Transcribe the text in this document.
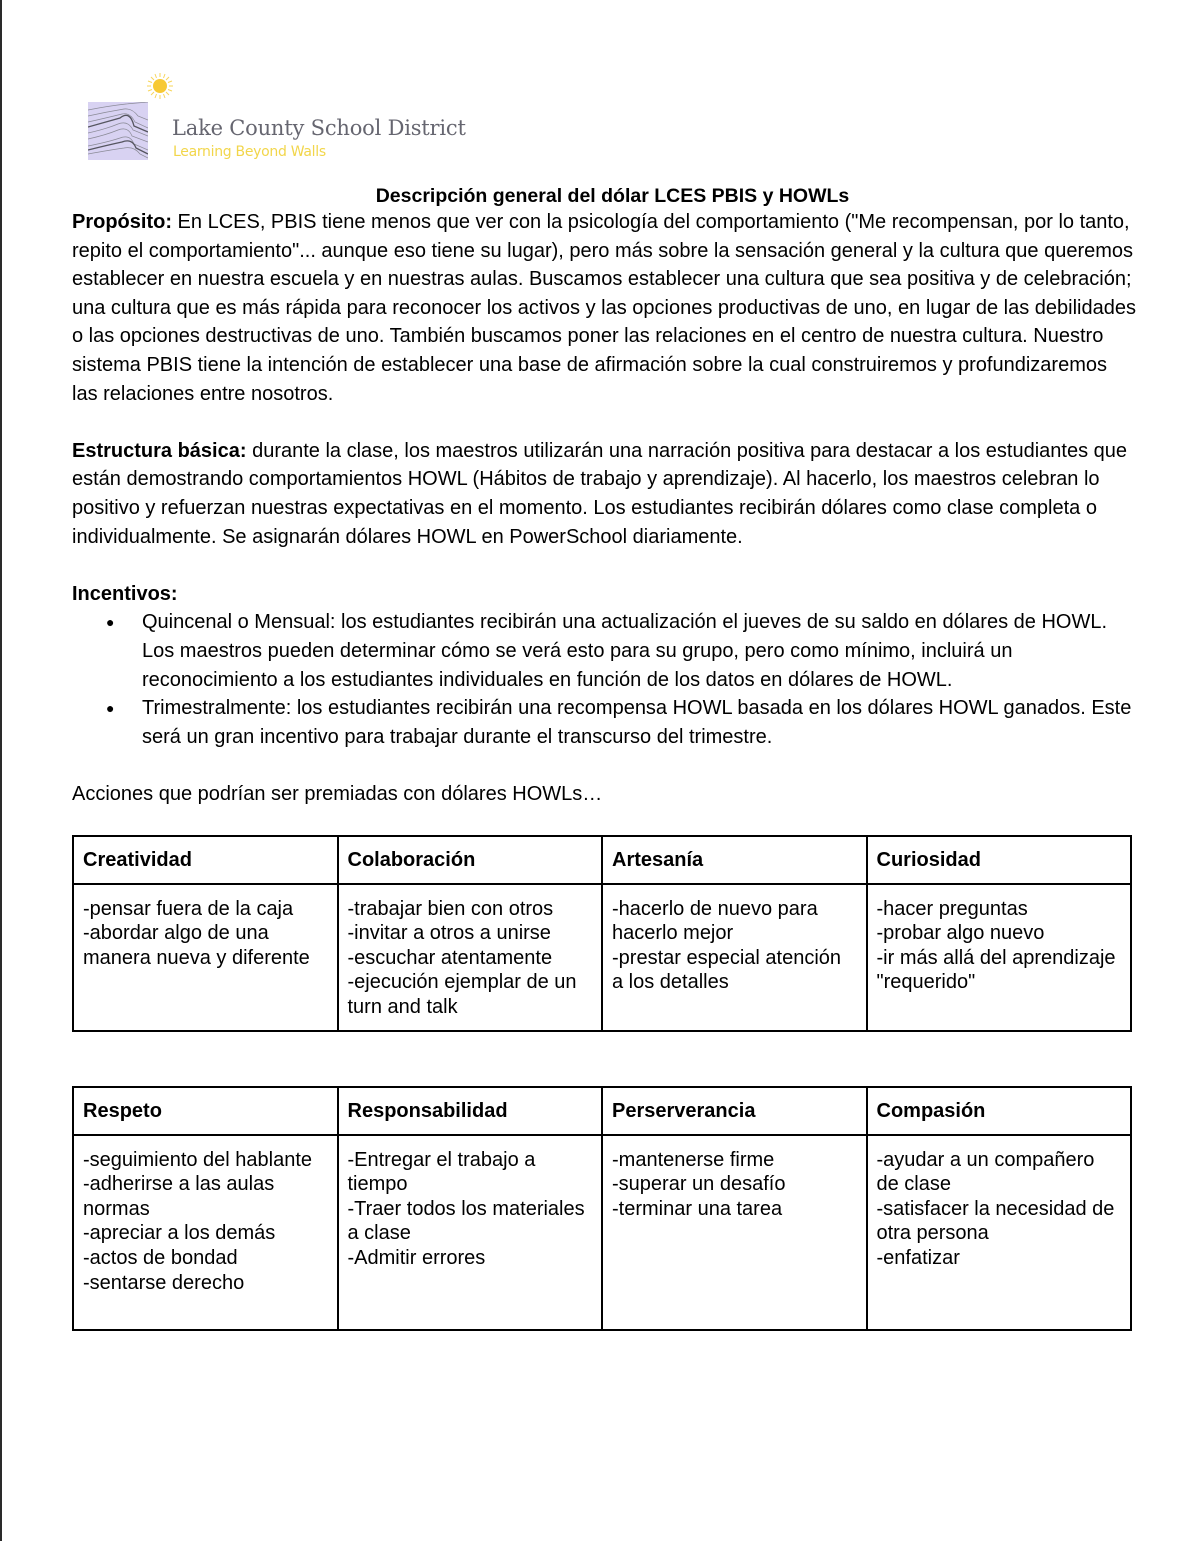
Lake County School District
Learning Beyond Walls
Descripción general del dólar LCES PBIS y HOWLs

Propósito: En LCES, PBIS tiene menos que ver con la psicología del comportamiento ("Me recompensan, por lo tanto, repito el comportamiento"... aunque eso tiene su lugar), pero más sobre la sensación general y la cultura que queremos establecer en nuestra escuela y en nuestras aulas. Buscamos establecer una cultura que sea positiva y de celebración; una cultura que es más rápida para reconocer los activos y las opciones productivas de uno, en lugar de las debilidades o las opciones destructivas de uno. También buscamos poner las relaciones en el centro de nuestra cultura. Nuestro sistema PBIS tiene la intención de establecer una base de afirmación sobre la cual construiremos y profundizaremos las relaciones entre nosotros.

Estructura básica: durante la clase, los maestros utilizarán una narración positiva para destacar a los estudiantes que están demostrando comportamientos HOWL (Hábitos de trabajo y aprendizaje). Al hacerlo, los maestros celebran lo positivo y refuerzan nuestras expectativas en el momento. Los estudiantes recibirán dólares como clase completa o individualmente. Se asignarán dólares HOWL en PowerSchool diariamente.

Incentivos:

● Quincenal o Mensual: los estudiantes recibirán una actualización el jueves de su saldo en dólares de HOWL. Los maestros pueden determinar cómo se verá esto para su grupo, pero como mínimo, incluirá un reconocimiento a los estudiantes individuales en función de los datos en dólares de HOWL.
● Trimestralmente: los estudiantes recibirán una recompensa HOWL basada en los dólares HOWL ganados. Este será un gran incentivo para trabajar durante el transcurso del trimestre.

Acciones que podrían ser premiadas con dólares HOWLs…

Creatividad	Colaboración	Artesanía	Curiosidad

-pensar fuera de la caja
-abordar algo de una manera nueva y diferente	-trabajar bien con otros
-invitar a otros a unirse
-escuchar atentamente
-ejecución ejemplar de un turn and talk	-hacerlo de nuevo para hacerlo mejor
-prestar especial atención a los detalles	-hacer preguntas
-probar algo nuevo
-ir más allá del aprendizaje "requerido"
Respeto	Responsabilidad	Perserverancia	Compasión

-seguimiento del hablante
-adherirse a las aulas normas
-apreciar a los demás
-actos de bondad
-sentarse derecho	-Entregar el trabajo a tiempo
-Traer todos los materiales a clase
-Admitir errores	-mantenerse firme
-superar un desafío
-terminar una tarea	-ayudar a un compañero de clase
-satisfacer la necesidad de otra persona
-enfatizar
